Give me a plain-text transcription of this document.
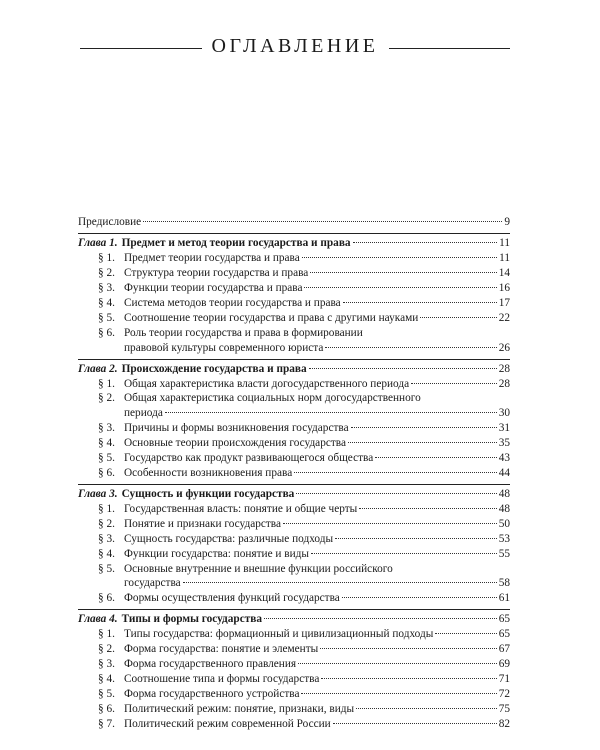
ОГЛАВЛЕНИЕ
Предисловие	9
Глава 1. Предмет и метод теории государства и права	11
§ 1. Предмет теории государства и права	11
§ 2. Структура теории государства и права	14
§ 3. Функции теории государства и права	16
§ 4. Система методов теории государства и права	17
§ 5. Соотношение теории государства и права с другими науками	22
§ 6. Роль теории государства и права в формировании
правовой культуры современного юриста	26
Глава 2. Происхождение государства и права	28
§ 1. Общая характеристика власти догосударственного периода	28
§ 2. Общая характеристика социальных норм догосударственного
периода	30
§ 3. Причины и формы возникновения государства	31
§ 4. Основные теории происхождения государства	35
§ 5. Государство как продукт развивающегося общества	43
§ 6. Особенности возникновения права	44
Глава 3. Сущность и функции государства	48
§ 1. Государственная власть: понятие и общие черты	48
§ 2. Понятие и признаки государства	50
§ 3. Сущность государства: различные подходы	53
§ 4. Функции государства: понятие и виды	55
§ 5. Основные внутренние и внешние функции российского
государства	58
§ 6. Формы осуществления функций государства	61
Глава 4. Типы и формы государства	65
§ 1. Типы государства: формационный и цивилизационный подходы	65
§ 2. Форма государства: понятие и элементы	67
§ 3. Форма государственного правления	69
§ 4. Соотношение типа и формы государства	71
§ 5. Форма государственного устройства	72
§ 6. Политический режим: понятие, признаки, виды	75
§ 7. Политический режим современной России	82
